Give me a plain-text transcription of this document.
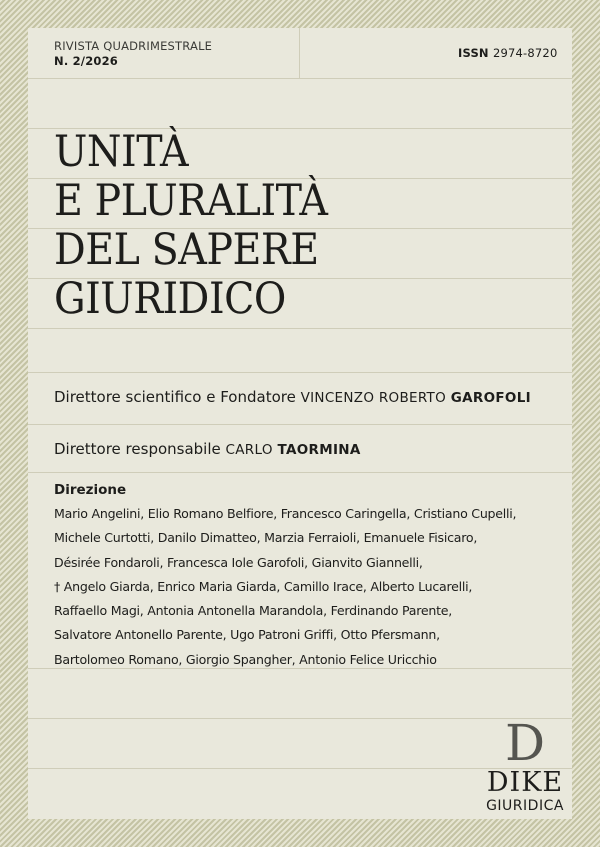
RIVISTA QUADRIMESTRALE
N. 2/2026
ISSN 2974-8720
UNITÀ
E PLURALITÀ
DEL SAPERE
GIURIDICO
Direttore scientifico e Fondatore VINCENZO ROBERTO GAROFOLI
Direttore responsabile CARLO TAORMINA
Direzione
Mario Angelini, Elio Romano Belfiore, Francesco Caringella, Cristiano Cupelli,
Michele Curtotti, Danilo Dimatteo, Marzia Ferraioli, Emanuele Fisicaro,
Désirée Fondaroli, Francesca Iole Garofoli, Gianvito Giannelli,
† Angelo Giarda, Enrico Maria Giarda, Camillo Irace, Alberto Lucarelli,
Raffaello Magi, Antonia Antonella Marandola, Ferdinando Parente,
Salvatore Antonello Parente, Ugo Patroni Griffi, Otto Pfersmann,
Bartolomeo Romano, Giorgio Spangher, Antonio Felice Uricchio
D
DIKE
GIURIDICA
